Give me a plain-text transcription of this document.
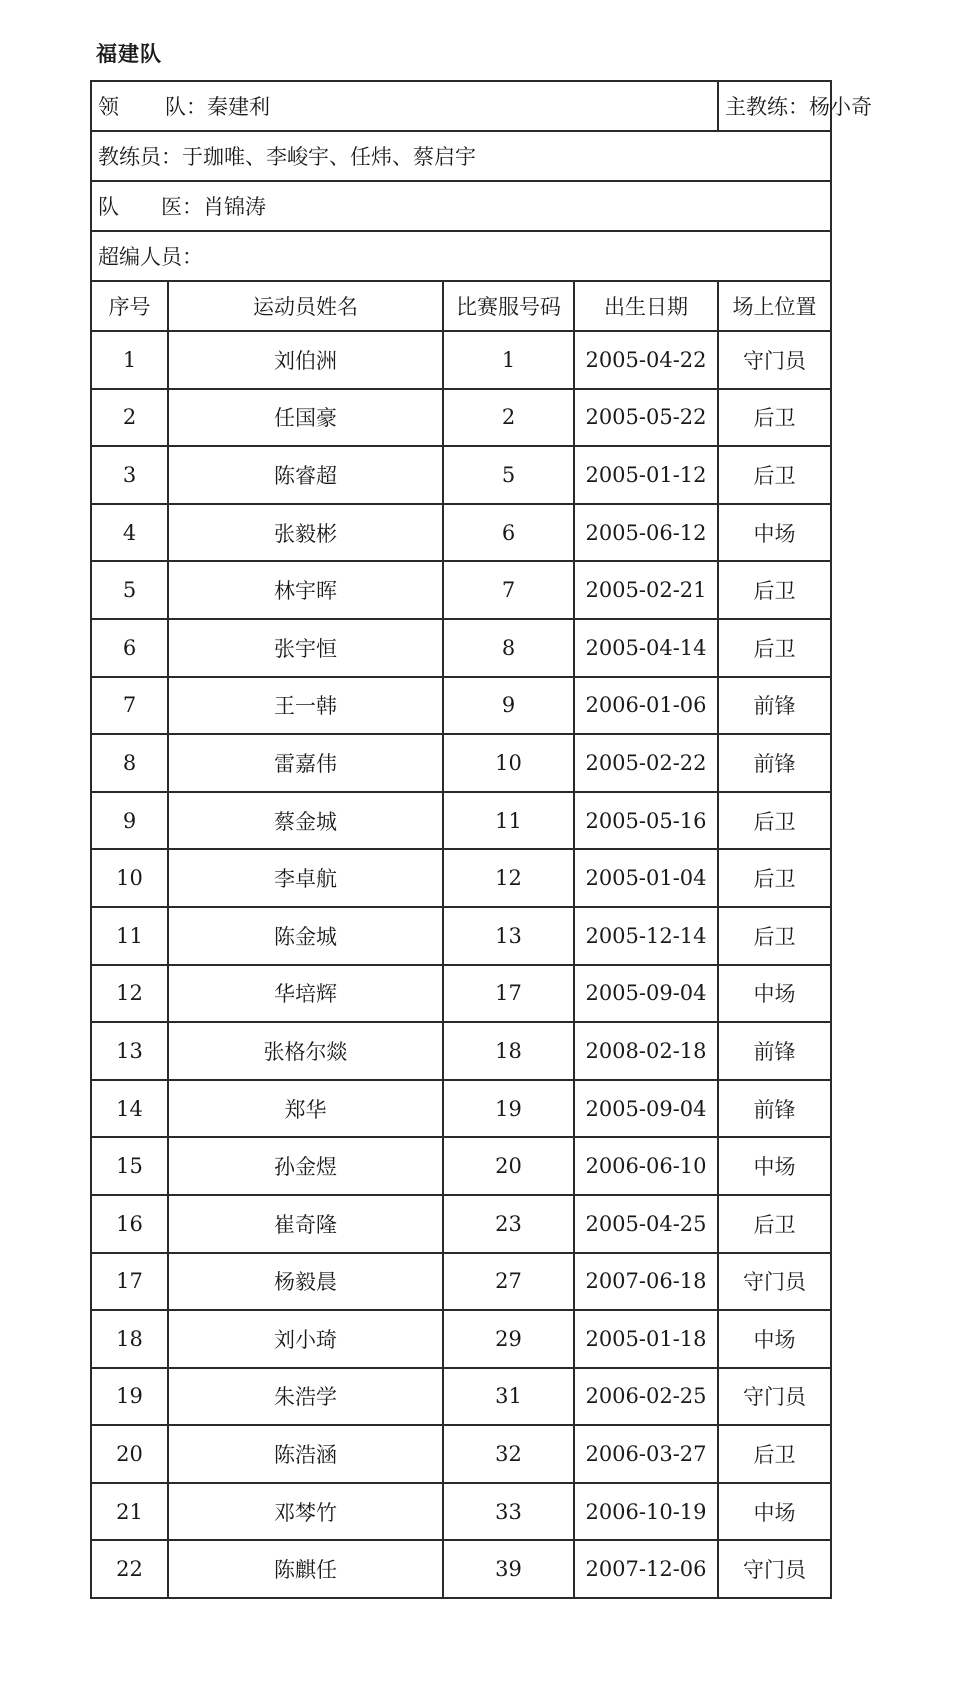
福建队
领 队：秦建利				主教练：杨小奇
教练员：于珈唯、李峻宇、任炜、蔡启宇				
队 医：肖锦涛				
超编人员：				
序号	运动员姓名	比赛服号码	出生日期	场上位置
1	刘伯洲	1	2005-04-22	守门员
2	任国豪	2	2005-05-22	后卫
3	陈睿超	5	2005-01-12	后卫
4	张毅彬	6	2005-06-12	中场
5	林宇晖	7	2005-02-21	后卫
6	张宇恒	8	2005-04-14	后卫
7	王一韩	9	2006-01-06	前锋
8	雷嘉伟	10	2005-02-22	前锋
9	蔡金城	11	2005-05-16	后卫
10	李卓航	12	2005-01-04	后卫
11	陈金城	13	2005-12-14	后卫
12	华培辉	17	2005-09-04	中场
13	张格尔燚	18	2008-02-18	前锋
14	郑华	19	2005-09-04	前锋
15	孙金煜	20	2006-06-10	中场
16	崔奇隆	23	2005-04-25	后卫
17	杨毅晨	27	2007-06-18	守门员
18	刘小琦	29	2005-01-18	中场
19	朱浩学	31	2006-02-25	守门员
20	陈浩涵	32	2006-03-27	后卫
21	邓棽竹	33	2006-10-19	中场
22	陈麒任	39	2007-12-06	守门员
